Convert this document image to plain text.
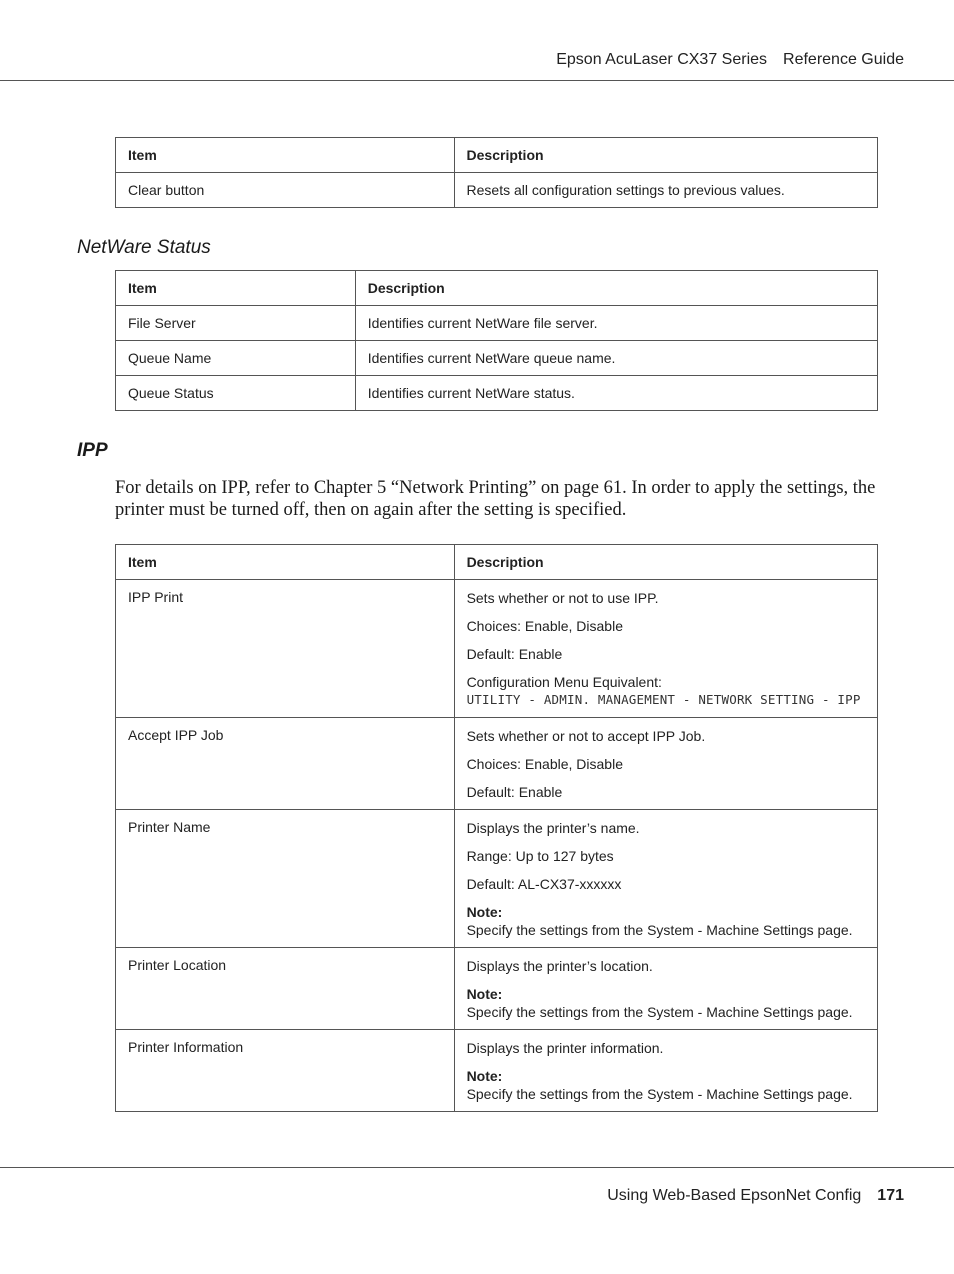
Epson AcuLaser CX37 Series Reference Guide
Item	Description
Clear button	Resets all configuration settings to previous values.
NetWare Status
Item	Description
File Server	Identifies current NetWare file server.
Queue Name	Identifies current NetWare queue name.
Queue Status	Identifies current NetWare status.
IPP
For details on IPP, refer to Chapter 5 “Network Printing” on page 61. In order to apply the settings, the printer must be turned off, then on again after the setting is specified.
Item	Description
IPP Print	Sets whether or not to use IPP.
Choices: Enable, Disable
Default: Enable
Configuration Menu Equivalent:
UTILITY - ADMIN. MANAGEMENT - NETWORK SETTING - IPP

Accept IPP Job	Sets whether or not to accept IPP Job.
Choices: Enable, Disable
Default: Enable

Printer Name	Displays the printer’s name.
Range: Up to 127 bytes
Default: AL-CX37-xxxxxx
Note:
Specify the settings from the System - Machine Settings page.

Printer Location	Displays the printer’s location.
Note:
Specify the settings from the System - Machine Settings page.

Printer Information	Displays the printer information.
Note:
Specify the settings from the System - Machine Settings page.
Using Web-Based EpsonNet Config 171
